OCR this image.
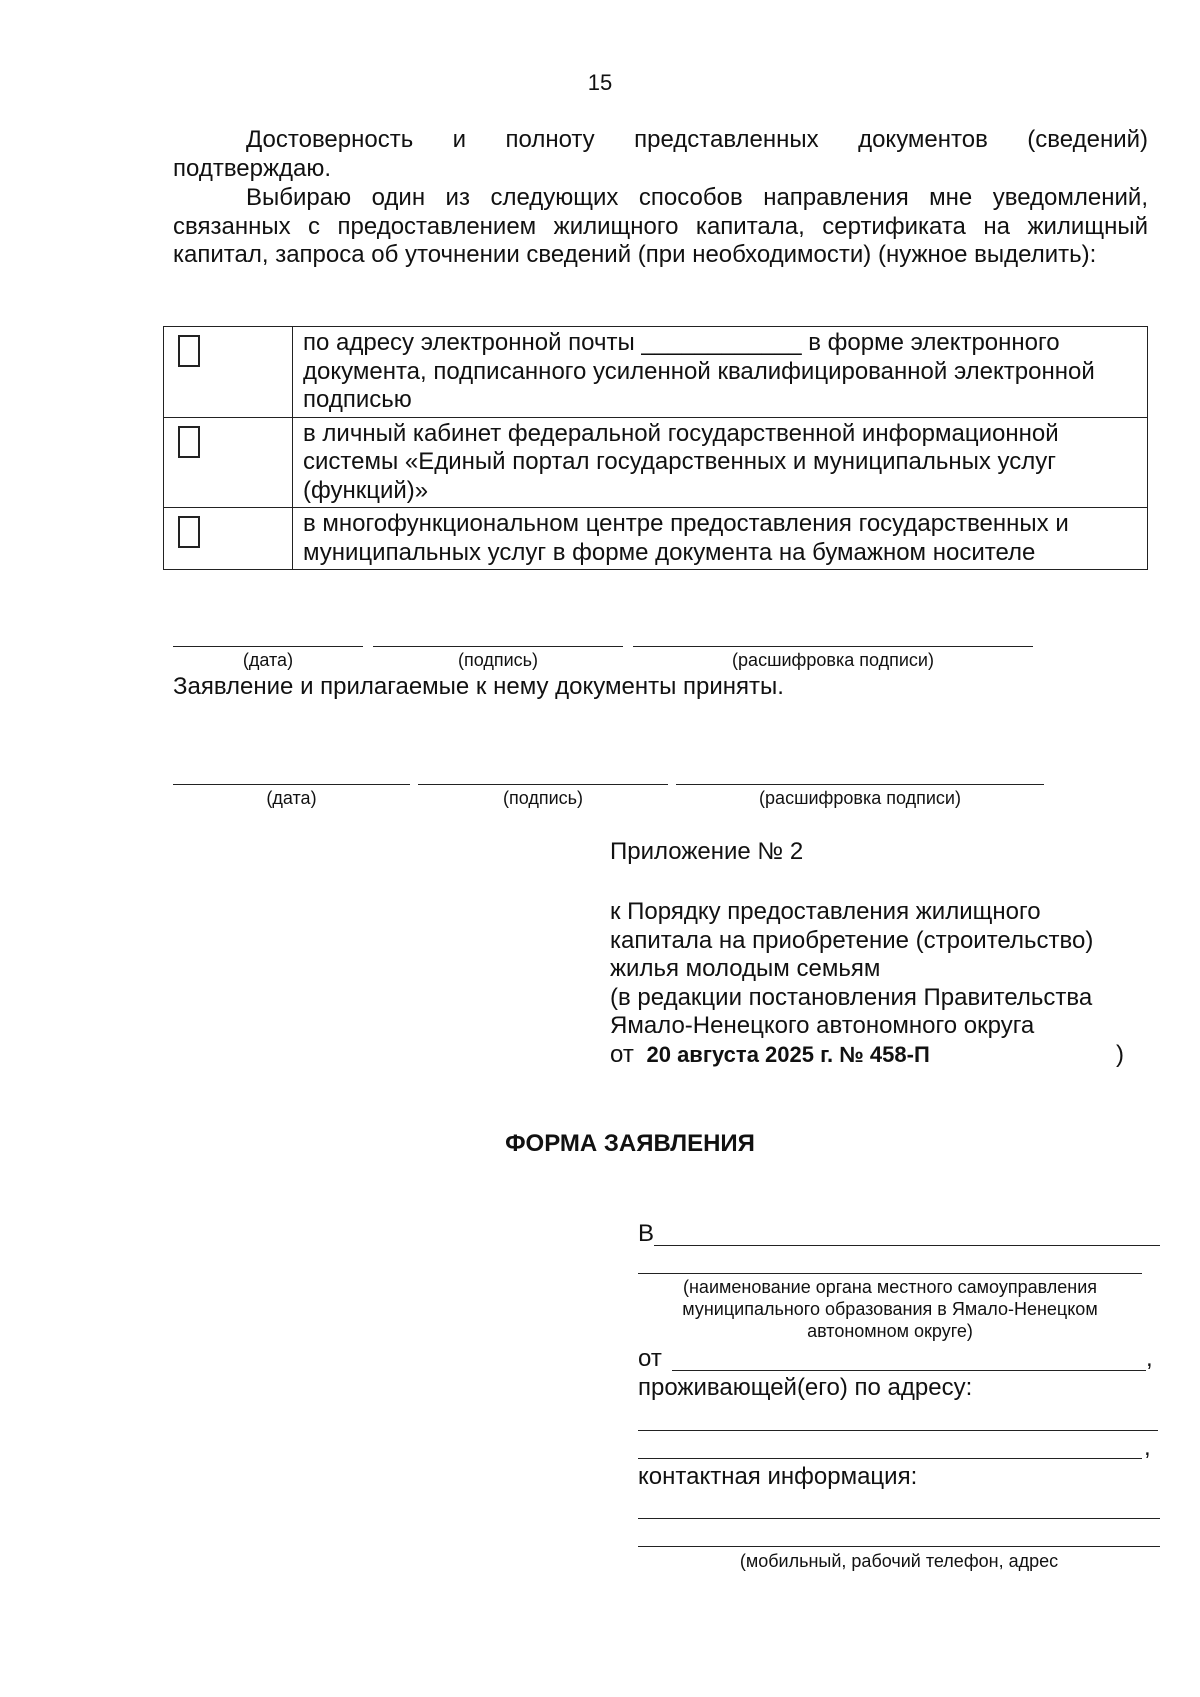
15
Достоверность и полноту представленных документов (сведений) подтверждаю.
Выбираю один из следующих способов направления мне уведомлений, связанных с предоставлением жилищного капитала, сертификата на жилищный капитал, запроса об уточнении сведений (при необходимости) (нужное выделить):
	по адресу электронной почты ____________ в форме электронного документа, подписанного усиленной квалифицированной электронной подписью

	в личный кабинет федеральной государственной информационной системы «Единый портал государственных и муниципальных услуг (функций)»

	в многофункциональном центре предоставления государственных и муниципальных услуг в форме документа на бумажном носителе
(дата)	(подпись)	(расшифровка подписи)
Заявление и прилагаемые к нему документы приняты.
(дата)	(подпись)	(расшифровка подписи)
Приложение № 2
к Порядку предоставления жилищного
капитала на приобретение (строительство)
жилья молодым семьям
(в редакции постановления Правительства
Ямало-Ненецкого автономного округа
от 20 августа 2025 г. № 458-П	)
ФОРМА ЗАЯВЛЕНИЯ
В
(наименование органа местного самоуправления
муниципального образования в Ямало-Ненецком
автономном округе)
от	,
проживающей(его) по адресу:
,
контактная информация:
(мобильный, рабочий телефон, адрес
